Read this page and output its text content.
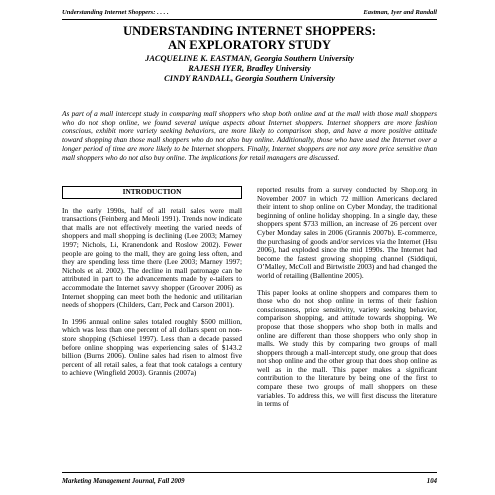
Understanding Internet Shoppers: . . . .	Eastman, Iyer and Randall
UNDERSTANDING INTERNET SHOPPERS:
AN EXPLORATORY STUDY
JACQUELINE K. EASTMAN, Georgia Southern University
RAJESH IYER, Bradley University
CINDY RANDALL, Georgia Southern University
As part of a mall intercept study in comparing mall shoppers who shop both online and at the mall with those mall shoppers who do not shop online, we found several unique aspects about Internet shoppers. Internet shoppers are more fashion conscious, exhibit more variety seeking behaviors, are more likely to comparison shop, and have a more positive attitude toward shopping than those mall shoppers who do not also buy online. Additionally, those who have used the Internet over a longer period of time are more likely to be Internet shoppers. Finally, Internet shoppers are not any more price sensitive than mall shoppers who do not also buy online. The implications for retail managers are discussed.
INTRODUCTION

In the early 1990s, half of all retail sales were mall transactions (Feinberg and Meoli 1991). Trends now indicate that malls are not effectively meeting the varied needs of shoppers and mall shopping is declining (Lee 2003; Marney 1997; Nichols, Li, Kranendonk and Roslow 2002). Fewer people are going to the mall, they are going less often, and they are spending less time there (Lee 2003; Marney 1997; Nichols et al. 2002). The decline in mall patronage can be attributed in part to the advancements made by e-tailers to accommodate the Internet savvy shopper (Groover 2006) as Internet shopping can meet both the hedonic and utilitarian needs of shoppers (Childers, Carr, Peck and Carson 2001).

In 1996 annual online sales totaled roughly $500 million, which was less than one percent of all dollars spent on non-store shopping (Schiesel 1997). Less than a decade passed before online shopping was experiencing sales of $143.2 billion (Burns 2006). Online sales had risen to almost five percent of all retail sales, a feat that took catalogs a century to achieve (Wingfield 2003). Grannis (2007a)

reported results from a survey conducted by Shop.org in November 2007 in which 72 million Americans declared their intent to shop online on Cyber Monday, the traditional beginning of online holiday shopping. In a single day, these shoppers spent $733 million, an increase of 26 percent over Cyber Monday sales in 2006 (Grannis 2007b). E-commerce, the purchasing of goods and/or services via the Internet (Hsu 2006), had exploded since the mid 1990s. The Internet had become the fastest growing shopping channel (Siddiqui, O’Malley, McColl and Birtwistle 2003) and had changed the world of retailing (Ballentine 2005).

This paper looks at online shoppers and compares them to those who do not shop online in terms of their fashion consciousness, price sensitivity, variety seeking behavior, comparison shopping, and attitude towards shopping. We propose that those shoppers who shop both in malls and online are different than those shoppers who only shop in malls. We study this by comparing two groups of mall shoppers through a mall-intercept study, one group that does not shop online and the other group that does shop online as well as in the mall. This paper makes a significant contribution to the literature by being one of the first to compare these two groups of mall shoppers on these variables. To address this, we will first discuss the literature in terms of

Marketing Management Journal, Fall 2009	104
